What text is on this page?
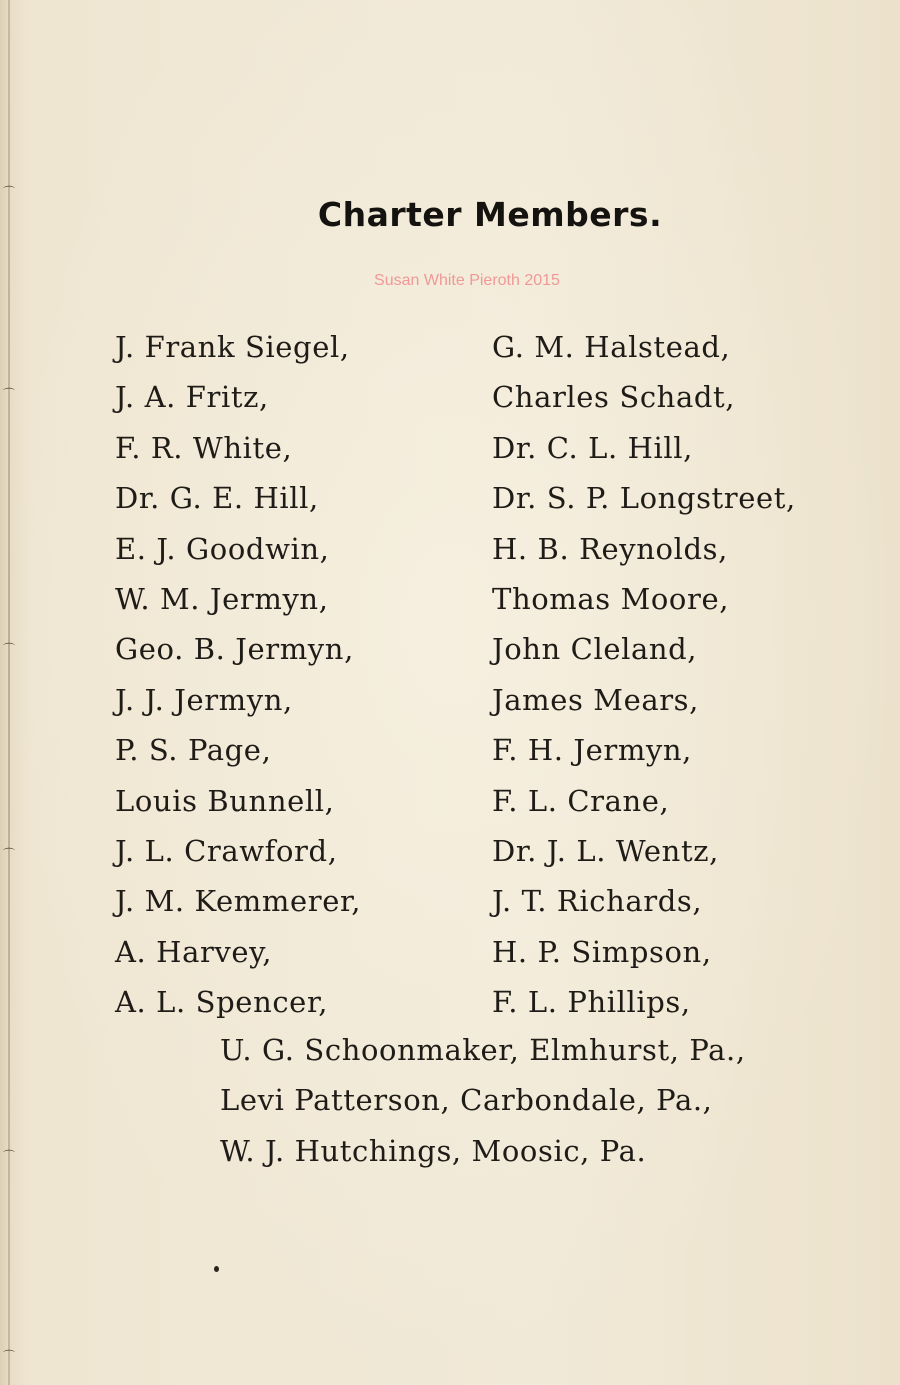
⌒
⌒
⌒
⌒
⌒
⌒
Charter Members.
Susan White Pieroth 2015
J. Frank Siegel,
J. A. Fritz,
F. R. White,
Dr. G. E. Hill,
E. J. Goodwin,
W. M. Jermyn,
Geo. B. Jermyn,
J. J. Jermyn,
P. S. Page,
Louis Bunnell,
J. L. Crawford,
J. M. Kemmerer,
A. Harvey,
A. L. Spencer,
G. M. Halstead,
Charles Schadt,
Dr. C. L. Hill,
Dr. S. P. Longstreet,
H. B. Reynolds,
Thomas Moore,
John Cleland,
James Mears,
F. H. Jermyn,
F. L. Crane,
Dr. J. L. Wentz,
J. T. Richards,
H. P. Simpson,
F. L. Phillips,
U. G. Schoonmaker, Elmhurst, Pa.,
Levi Patterson, Carbondale, Pa.,
W. J. Hutchings, Moosic, Pa.
